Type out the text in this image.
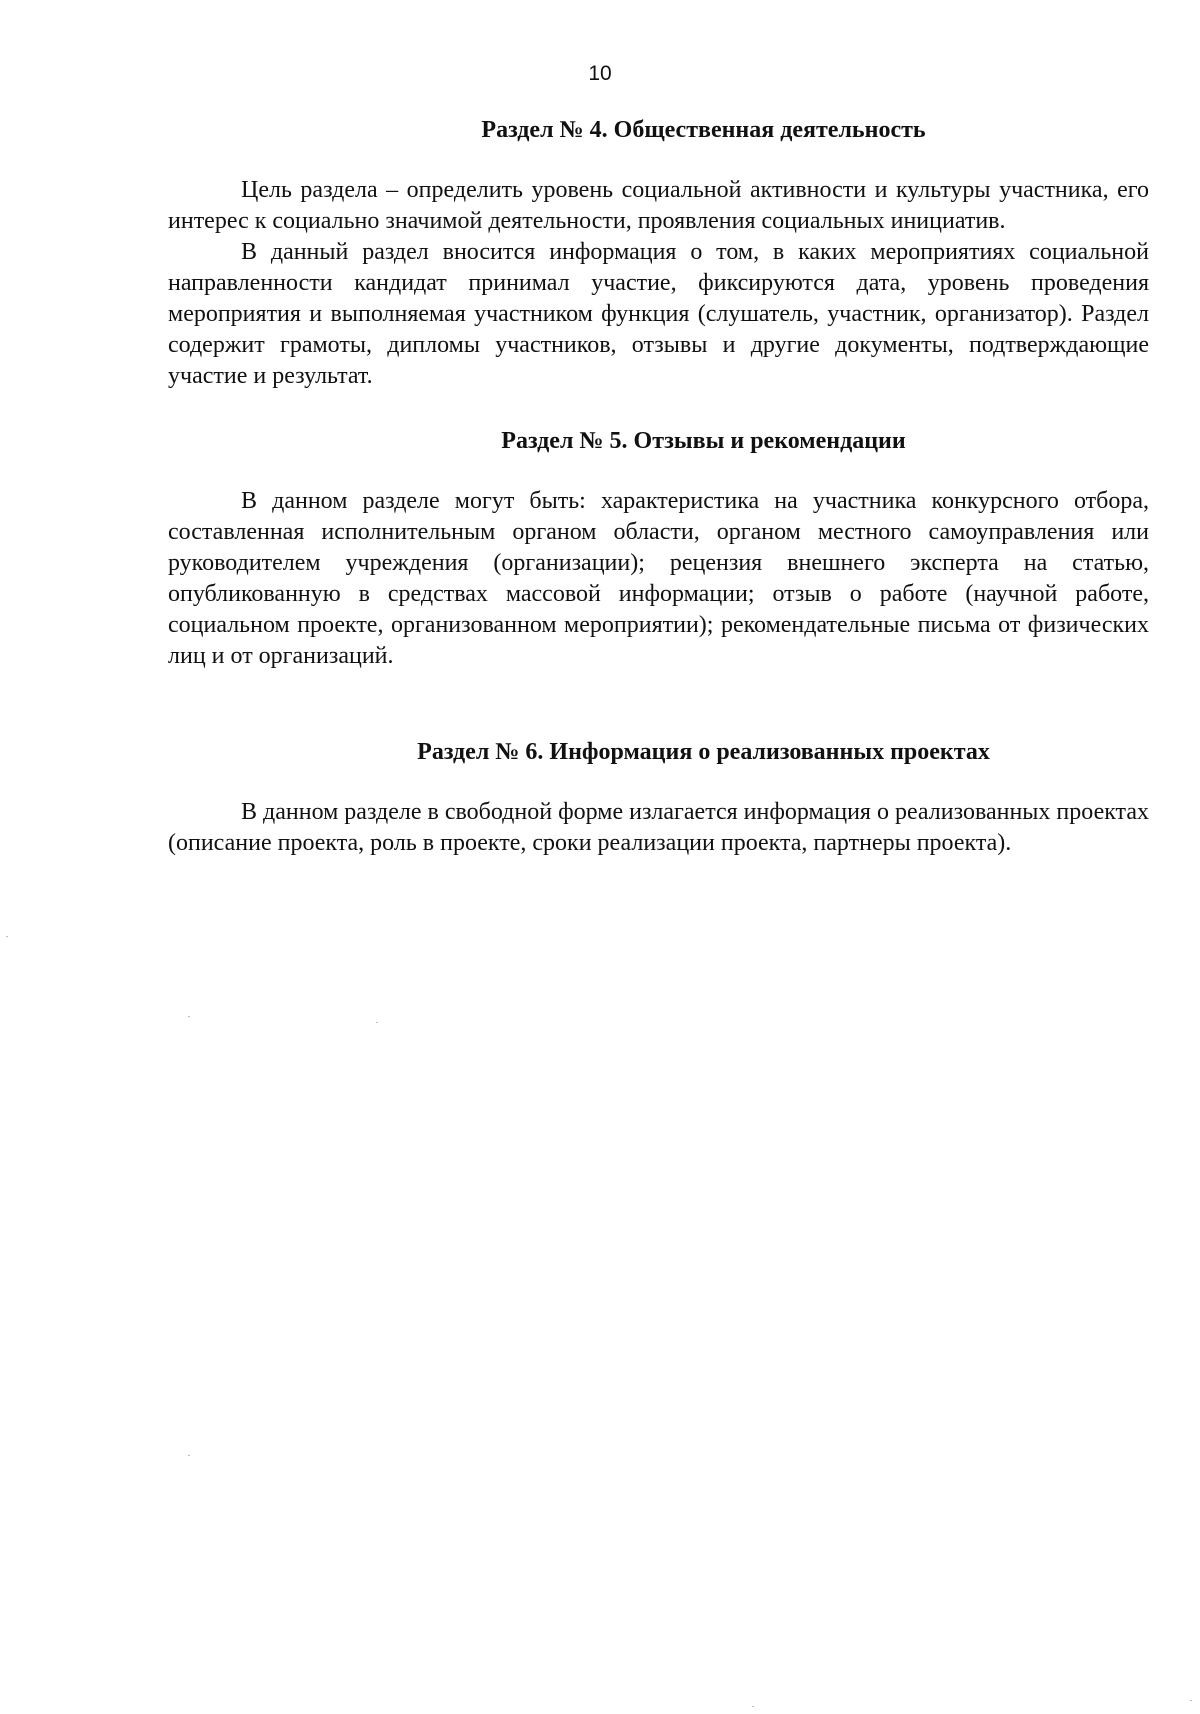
10
Раздел № 4. Общественная деятельность

Цель раздела – определить уровень социальной активности и культуры участника, его интерес к социально значимой деятельности, проявления социальных инициатив.

В данный раздел вносится информация о том, в каких мероприятиях социальной направленности кандидат принимал участие, фиксируются дата, уровень проведения мероприятия и выполняемая участником функция (слушатель, участник, организатор). Раздел содержит грамоты, дипломы участников, отзывы и другие документы, подтверждающие участие и результат.

Раздел № 5. Отзывы и рекомендации

В данном разделе могут быть: характеристика на участника конкурсного отбора, составленная исполнительным органом области, органом местного самоуправления или руководителем учреждения (организации); рецензия внешнего эксперта на статью, опубликованную в средствах массовой информации; отзыв о работе (научной работе, социальном проекте, организованном мероприятии); рекомендательные письма от физических лиц и от организаций.

Раздел № 6. Информация о реализованных проектах

В данном разделе в свободной форме излагается информация о реализованных проектах (описание проекта, роль в проекте, сроки реализации проекта, партнеры проекта).
